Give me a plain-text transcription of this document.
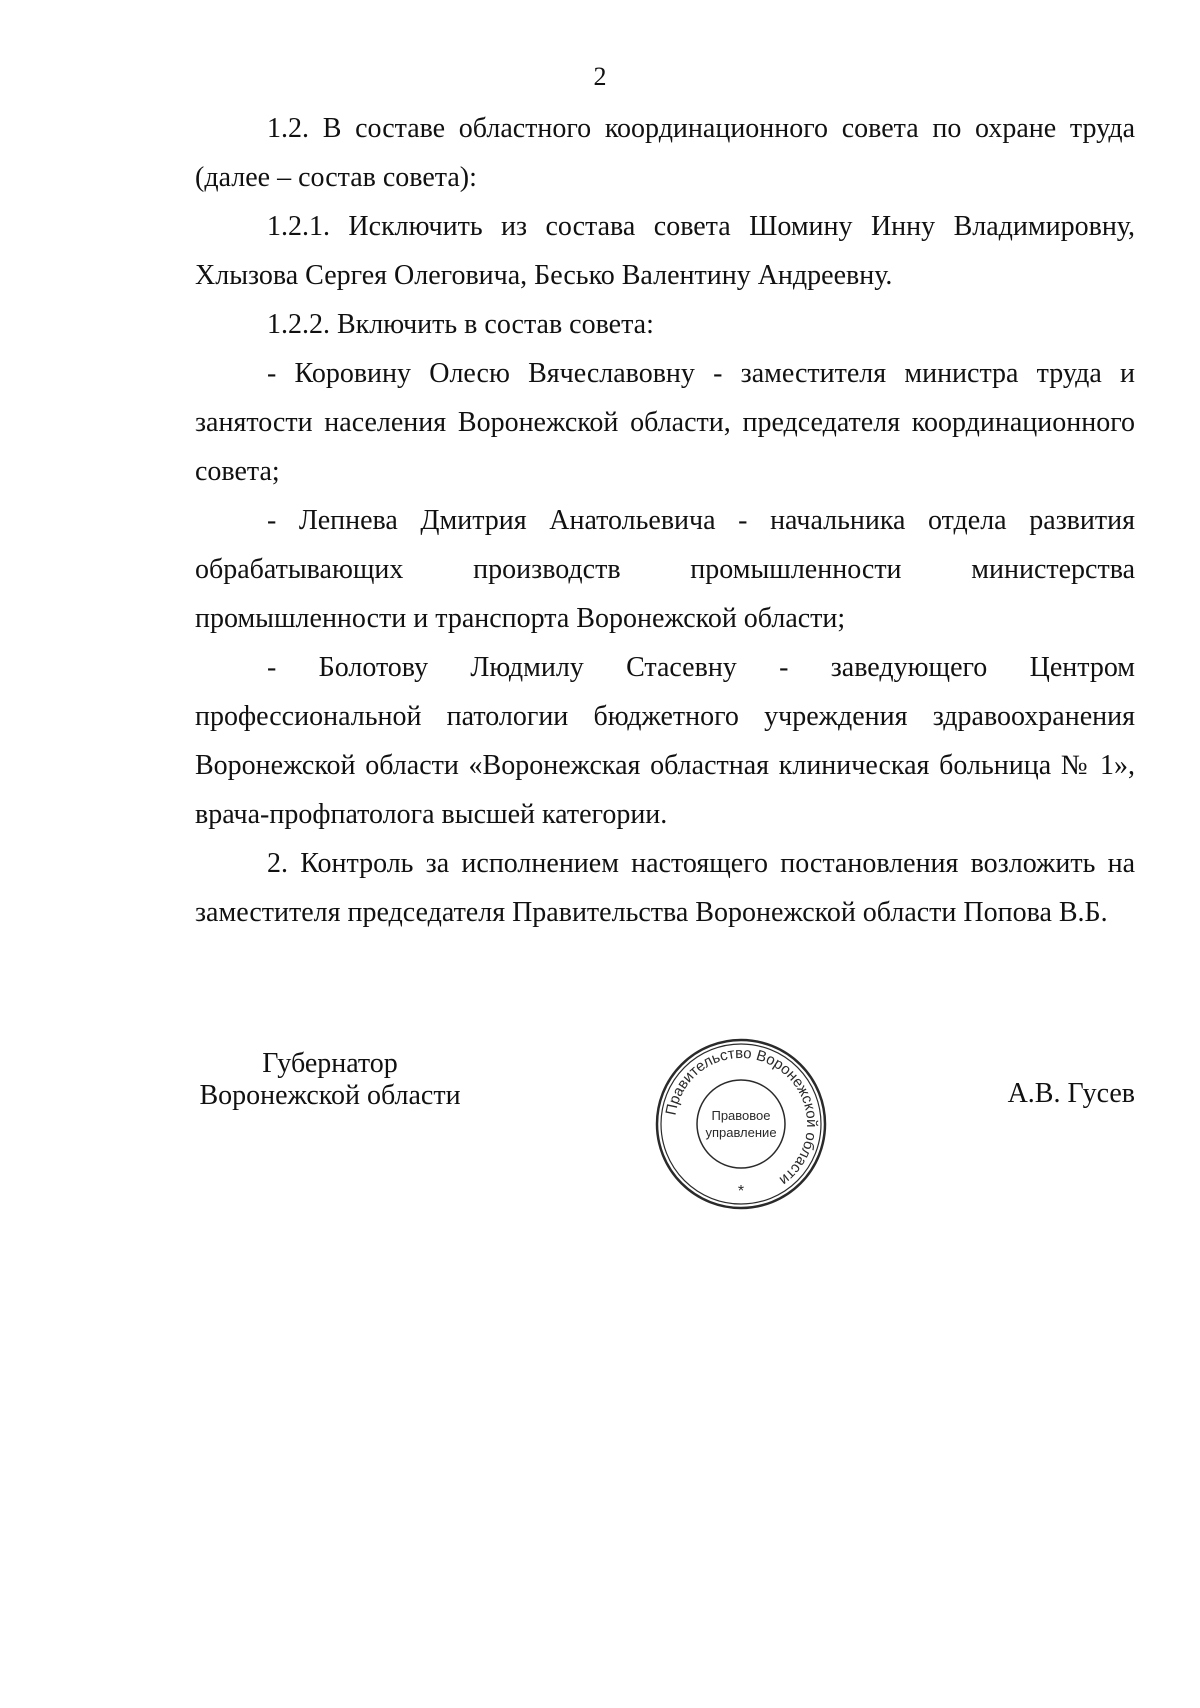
2

1.2. В составе областного координационного совета по охране труда (далее – состав совета):

1.2.1. Исключить из состава совета Шомину Инну Владимировну, Хлызова Сергея Олеговича, Бесько Валентину Андреевну.

1.2.2. Включить в состав совета:

- Коровину Олесю Вячеславовну - заместителя министра труда и занятости населения Воронежской области, председателя координационного совета;

- Лепнева Дмитрия Анатольевича - начальника отдела развития обрабатывающих производств промышленности министерства промышленности и транспорта Воронежской области;

- Болотову Людмилу Стасевну - заведующего Центром профессиональной патологии бюджетного учреждения здравоохранения Воронежской области «Воронежская областная клиническая больница № 1», врача-профпатолога высшей категории.

2. Контроль за исполнением настоящего постановления возложить на заместителя председателя Правительства Воронежской области Попова В.Б.

Губернатор
Воронежской области	Правительство Воронежской области
Правовое
управление
*
А.В. Гусев
